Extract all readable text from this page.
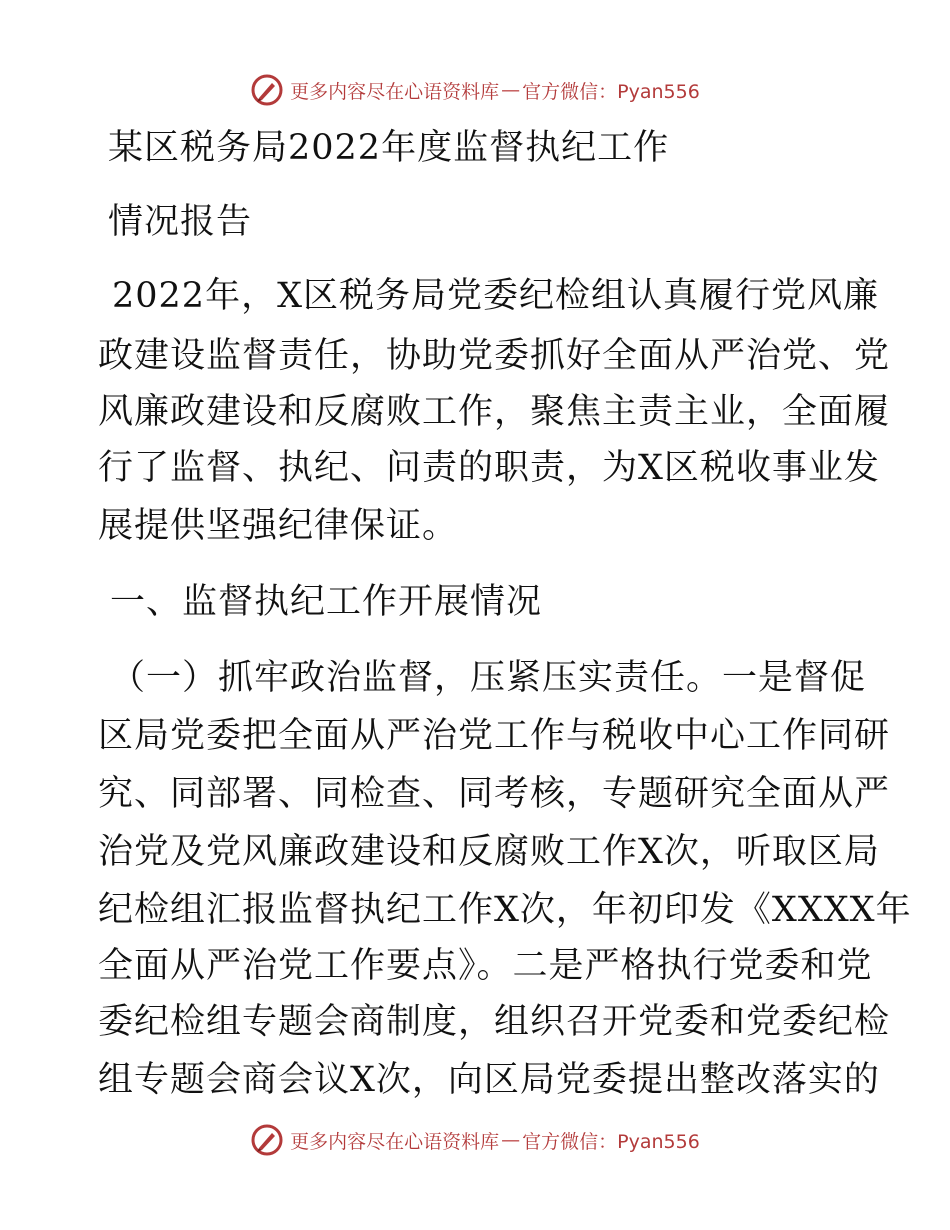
更多内容尽在心语资料库 — 官方微信：Pyan556
某区税务局2022年度监督执纪工作
情况报告
2022年，X区税务局党委纪检组认真履行党风廉
政建设监督责任，协助党委抓好全面从严治党、党
风廉政建设和反腐败工作，聚焦主责主业，全面履
行了监督、执纪、问责的职责，为X区税收事业发
展提供坚强纪律保证。
一、监督执纪工作开展情况
（一）抓牢政治监督，压紧压实责任。一是督促
区局党委把全面从严治党工作与税收中心工作同研
究、同部署、同检查、同考核，专题研究全面从严
治党及党风廉政建设和反腐败工作X次，听取区局
纪检组汇报监督执纪工作X次，年初印发《XXXX年
全面从严治党工作要点》。二是严格执行党委和党
委纪检组专题会商制度，组织召开党委和党委纪检
组专题会商会议X次，向区局党委提出整改落实的
更多内容尽在心语资料库 — 官方微信：Pyan556
